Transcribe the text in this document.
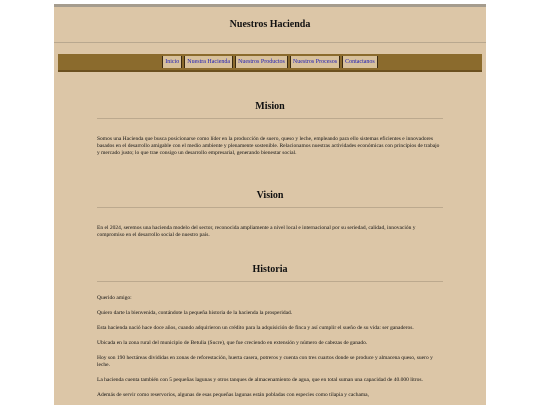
Nuestros Hacienda
Inicio	Nuestra Hacienda	Nuestros Productos	Nuestros Procesos	Contactanos
Mision

Somos una Hacienda que busca posicionarse como líder en la producción de suero, queso y leche, empleando para ello sistemas eficientes e innovadores basados en el desarrollo amigable con el medio ambiente y plenamente sostenible. Relacionamos nuestras actividades económicas con principios de trabajo y mercado justo; lo que trae consigo un desarrollo empresarial, generando bienestar social.

Vision

En el 2024, seremos una hacienda modelo del sector, reconocida ampliamente a nivel local e internacional por su seriedad, calidad, innovación y compromiso en el desarrollo social de nuestro país.

Historia

Querido amigo:

Quiero darte la bienvenida, contándote la pequeña historia de la hacienda la prosperidad.

Esta hacienda nació hace doce años, cuando adquirieron un crédito para la adquisición de finca y así cumplir el sueño de su vida: ser ganaderos.

Ubicada en la zona rural del municipio de Betulia (Sucre), que fue creciendo en extensión y número de cabezas de ganado.

Hoy son 190 hectáreas divididas en zonas de reforestación, huerta casera, potreros y cuenta con tres cuartos donde se produce y almacena queso, suero y leche.

La hacienda cuenta también con 5 pequeñas lagunas y otros tanques de almacenamiento de agua, que en total suman una capacidad de 40.000 litros.

Además de servir como reservorios, algunas de esas pequeñas lagunas están pobladas con especies como tilapia y cachama,
